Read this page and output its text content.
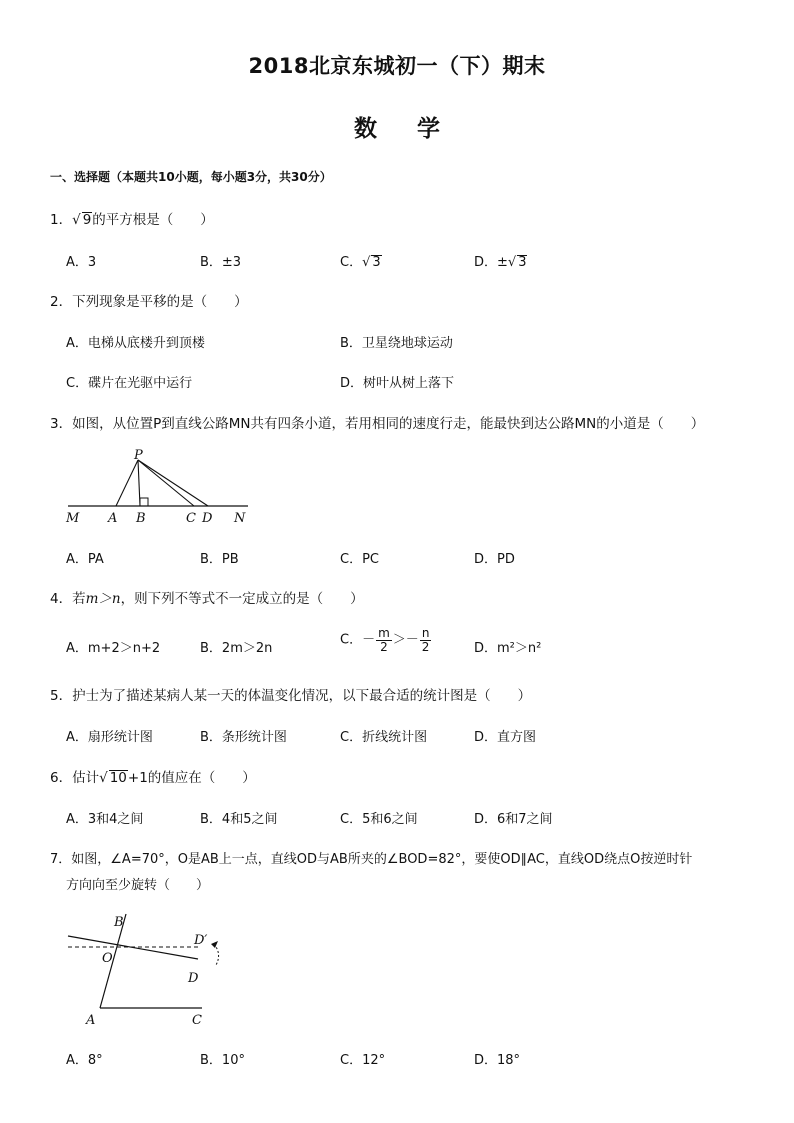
2018北京东城初一（下）期末
数 学
一、选择题（本题共10小题，每小题3分，共30分）
1．√ 9的平方根是（　　）
A．3	B．±3	C．√ 3	D．±√ 3
2．下列现象是平移的是（　　）
A．电梯从底楼升到顶楼	B．卫星绕地球运动
C．碟片在光驱中运行	D．树叶从树上落下
3．如图，从位置P到直线公路MN共有四条小道，若用相同的速度行走，能最快到达公路MN的小道是（　　）
P
M A B	C D N
A．PA	B．PB	C．PC	D．PD
4．若m＞n，则下列不等式不一定成立的是（　　）
A．m+2＞n+2	B．2m＞2n
C．－ $\frac{m}{2} >- \frac{n}{2}$	D．m²＞n²
5．护士为了描述某病人某一天的体温变化情况，以下最合适的统计图是（　　）
A．扇形统计图	B．条形统计图	C．折线统计图	D．直方图
6．估计√ 10+1的值应在（　　）
A．3和4之间	B．4和5之间	C．5和6之间	D．6和7之间
7．如图，∠A=70°，O是AB上一点，直线OD与AB所夹的∠BOD=82°，要使OD∥AC，直线OD绕点O按逆时针
方向向至少旋转（　　）
B
D′
O
D
A	C
A．8°	B．10°	C．12°	D．18°
